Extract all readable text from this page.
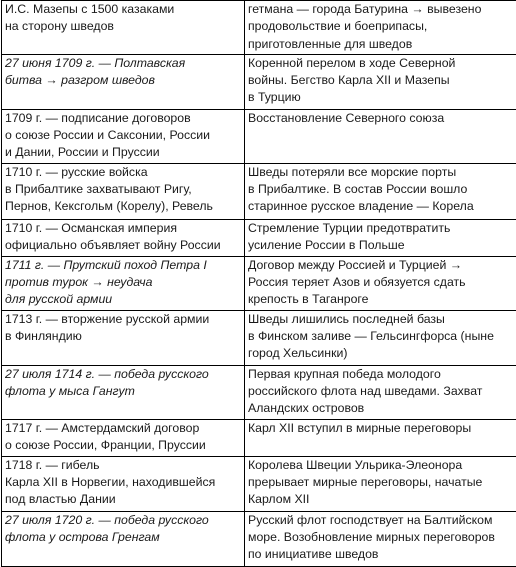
И.С. Мазепы с 1500 казаками
на сторону шведов	гетмана — города Батурина → вывезено
продовольствие и боеприпасы,
приготовленные для шведов
27 июня 1709 г. — Полтавская
битва → разгром шведов	Коренной перелом в ходе Северной
войны. Бегство Карла XII и Мазепы
в Турцию
1709 г. — подписание договоров
о союзе России и Саксонии, России
и Дании, России и Пруссии	Восстановление Северного союза
1710 г. — русские войска
в Прибалтике захватывают Ригу,
Пернов, Кексгольм (Корелу), Ревель	Шведы потеряли все морские порты
в Прибалтике. В состав России вошло
старинное русское владение — Корела
1710 г. — Османская империя
официально объявляет войну России	Стремление Турции предотвратить
усиление России в Польше
1711 г. — Прутский поход Петра I
против турок → неудача
для русской армии	Договор между Россией и Турцией →
Россия теряет Азов и обязуется сдать
крепость в Таганроге
1713 г. — вторжение русской армии
в Финляндию	Шведы лишились последней базы
в Финском заливе — Гельсингфорса (ныне
город Хельсинки)
27 июля 1714 г. — победа русского
флота у мыса Гангут	Первая крупная победа молодого
российского флота над шведами. Захват
Аландских островов
1717 г. — Амстердамский договор
о союзе России, Франции, Пруссии	Карл XII вступил в мирные переговоры
1718 г. — гибель
Карла XII в Норвегии, находившейся
под властью Дании	Королева Швеции Ульрика-Элеонора
прерывает мирные переговоры, начатые
Карлом XII
27 июля 1720 г. — победа русского
флота у острова Гренгам	Русский флот господствует на Балтийском
море. Возобновление мирных переговоров
по инициативе шведов
